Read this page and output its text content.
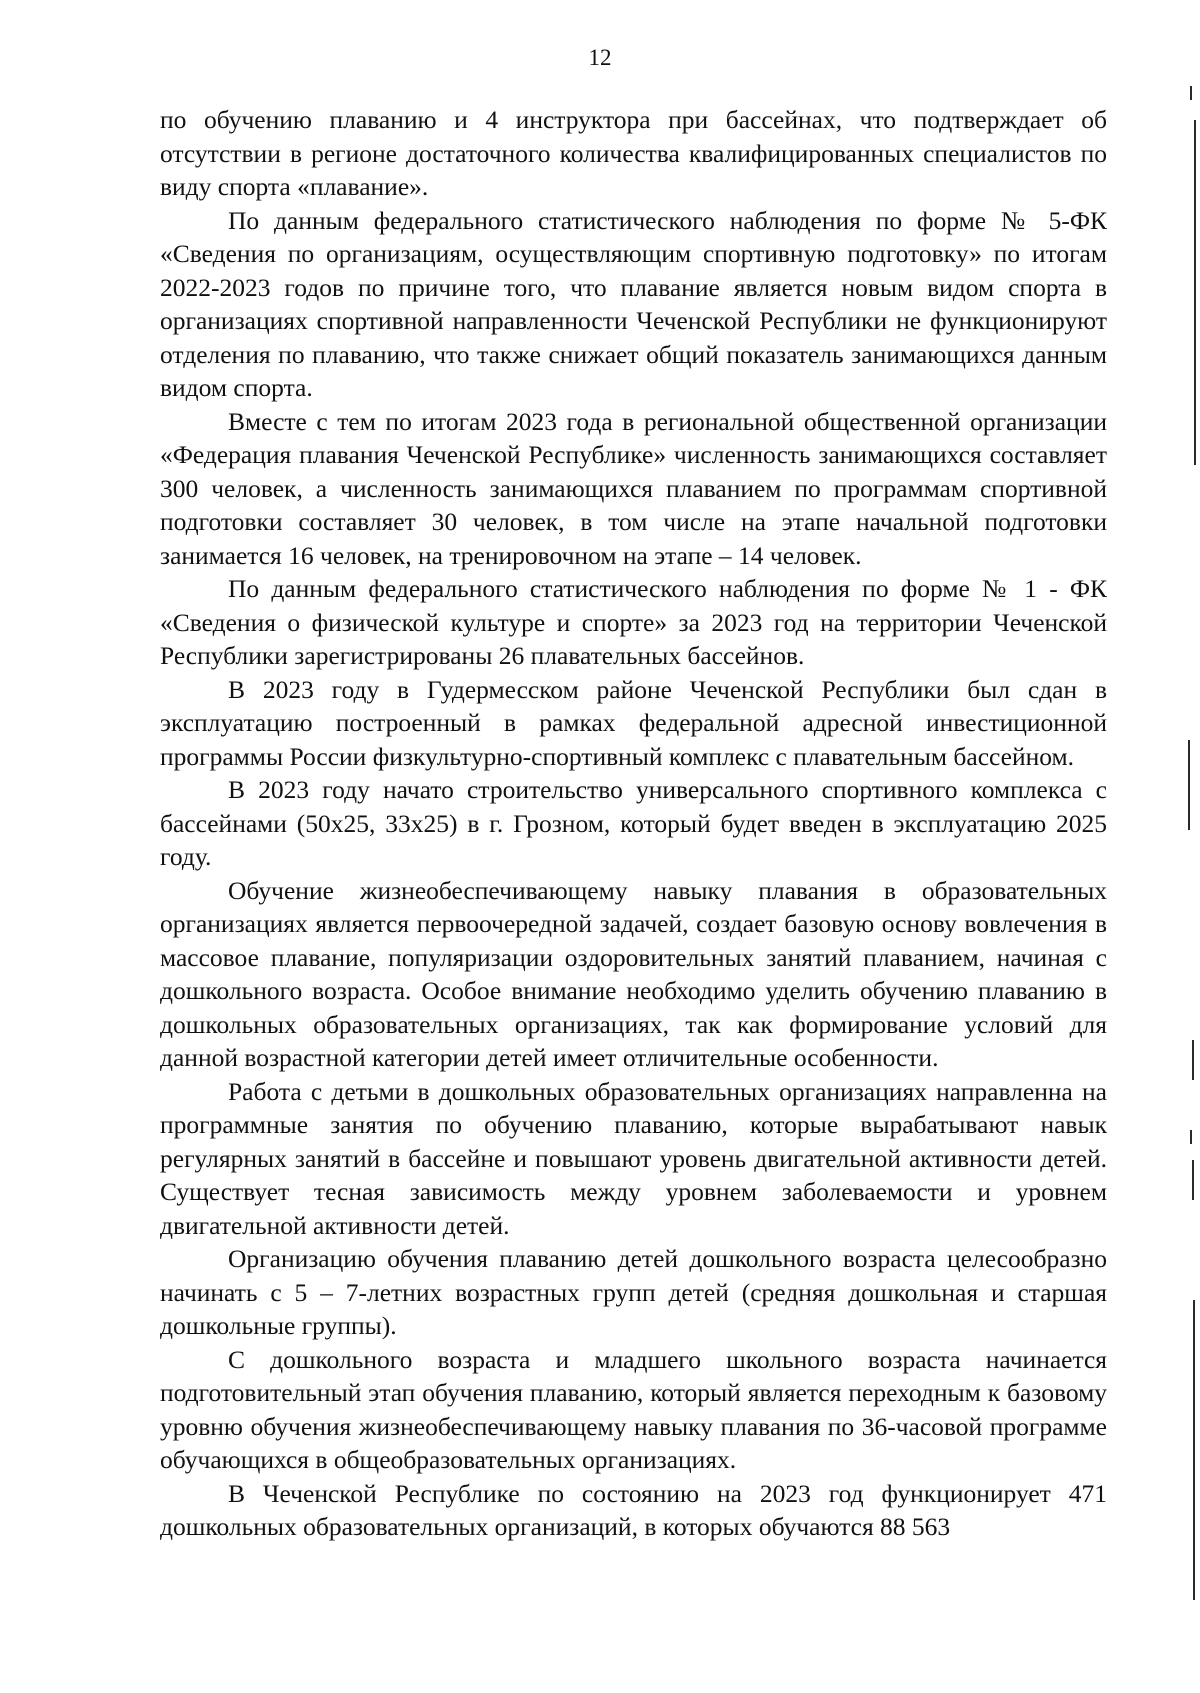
12

по обучению плаванию и 4 инструктора при бассейнах, что подтверждает об отсутствии в регионе достаточного количества квалифицированных специалистов по виду спорта «плавание».

По данным федерального статистического наблюдения по форме № 5-ФК «Сведения по организациям, осуществляющим спортивную подготовку» по итогам 2022-2023 годов по причине того, что плавание является новым видом спорта в организациях спортивной направленности Чеченской Республики не функционируют отделения по плаванию, что также снижает общий показатель занимающихся данным видом спорта.

Вместе с тем по итогам 2023 года в региональной общественной организации «Федерация плавания Чеченской Республике» численность занимающихся составляет 300 человек, а численность занимающихся плаванием по программам спортивной подготовки составляет 30 человек, в том числе на этапе начальной подготовки занимается 16 человек, на тренировочном на этапе – 14 человек.

По данным федерального статистического наблюдения по форме № 1 - ФК «Сведения о физической культуре и спорте» за 2023 год на территории Чеченской Республики зарегистрированы 26 плавательных бассейнов.

В 2023 году в Гудермесском районе Чеченской Республики был сдан в эксплуатацию построенный в рамках федеральной адресной инвестиционной программы России физкультурно-спортивный комплекс с плавательным бассейном.

В 2023 году начато строительство универсального спортивного комплекса с бассейнами (50x25, 33x25) в г. Грозном, который будет введен в эксплуатацию 2025 году.

Обучение жизнеобеспечивающему навыку плавания в образовательных организациях является первоочередной задачей, создает базовую основу вовлечения в массовое плавание, популяризации оздоровительных занятий плаванием, начиная с дошкольного возраста. Особое внимание необходимо уделить обучению плаванию в дошкольных образовательных организациях, так как формирование условий для данной возрастной категории детей имеет отличительные особенности.

Работа с детьми в дошкольных образовательных организациях направленна на программные занятия по обучению плаванию, которые вырабатывают навык регулярных занятий в бассейне и повышают уровень двигательной активности детей. Существует тесная зависимость между уровнем заболеваемости и уровнем двигательной активности детей.

Организацию обучения плаванию детей дошкольного возраста целесообразно начинать с 5 – 7-летних возрастных групп детей (средняя дошкольная и старшая дошкольные группы).

С дошкольного возраста и младшего школьного возраста начинается подготовительный этап обучения плаванию, который является переходным к базовому уровню обучения жизнеобеспечивающему навыку плавания по 36-часовой программе обучающихся в общеобразовательных организациях.

В Чеченской Республике по состоянию на 2023 год функционирует 471 дошкольных образовательных организаций, в которых обучаются 88 563
